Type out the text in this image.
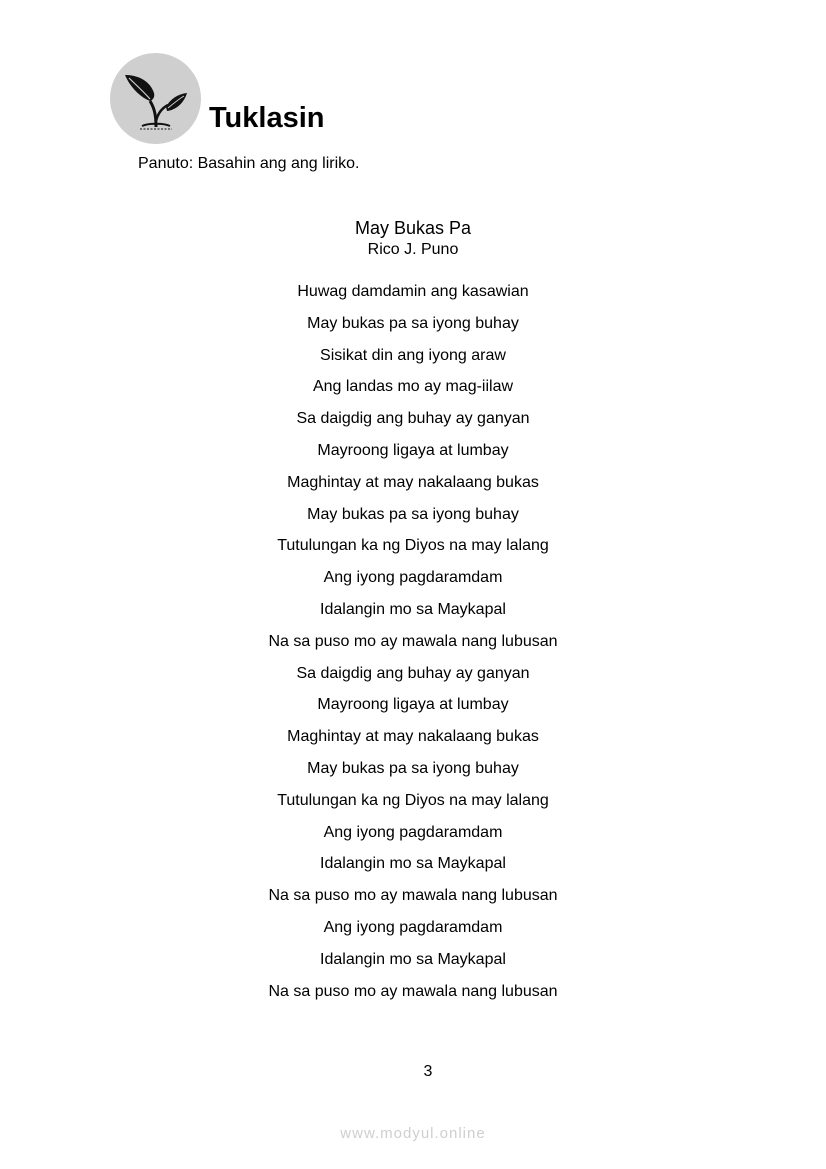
Tuklasin
Panuto: Basahin ang ang liriko.
May Bukas Pa
Rico J. Puno
Huwag damdamin ang kasawian
May bukas pa sa iyong buhay
Sisikat din ang iyong araw
Ang landas mo ay mag-iilaw
Sa daigdig ang buhay ay ganyan
Mayroong ligaya at lumbay
Maghintay at may nakalaang bukas
May bukas pa sa iyong buhay
Tutulungan ka ng Diyos na may lalang
Ang iyong pagdaramdam
Idalangin mo sa Maykapal
Na sa puso mo ay mawala nang lubusan
Sa daigdig ang buhay ay ganyan
Mayroong ligaya at lumbay
Maghintay at may nakalaang bukas
May bukas pa sa iyong buhay
Tutulungan ka ng Diyos na may lalang
Ang iyong pagdaramdam
Idalangin mo sa Maykapal
Na sa puso mo ay mawala nang lubusan
Ang iyong pagdaramdam
Idalangin mo sa Maykapal
Na sa puso mo ay mawala nang lubusan
3
www.modyul.online
